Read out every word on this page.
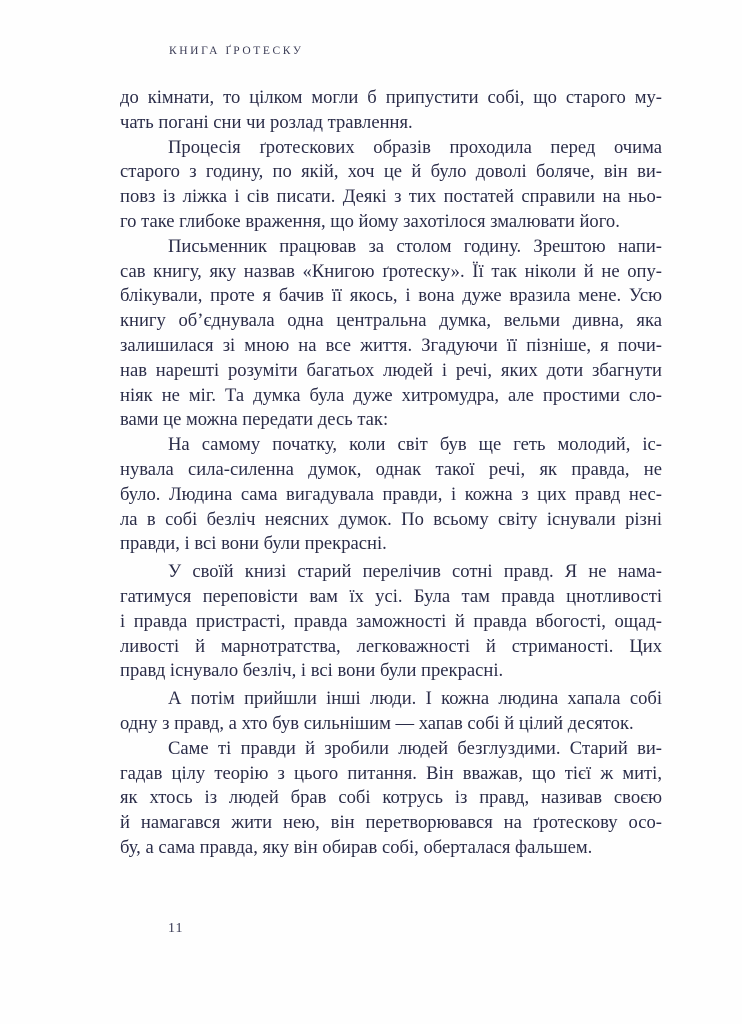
КНИГА ҐРОТЕСКУ
до кімнати, то цілком могли б припустити собі, що старого му-
чать погані сни чи розлад травлення.
Процесія ґротескових образів проходила перед очима
старого з годину, по якій, хоч це й було доволі боляче, він ви-
повз із ліжка і сів писати. Деякі з тих постатей справили на ньо-
го таке глибоке враження, що йому захотілося змалювати його.
Письменник працював за столом годину. Зрештою напи-
сав книгу, яку назвав «Книгою ґротеску». Її так ніколи й не опу-
блікували, проте я бачив її якось, і вона дуже вразила мене. Усю
книгу об’єднувала одна центральна думка, вельми дивна, яка
залишилася зі мною на все життя. Згадуючи її пізніше, я почи-
нав нарешті розуміти багатьох людей і речі, яких доти збагнути
ніяк не міг. Та думка була дуже хитромудра, але простими сло-
вами це можна передати десь так:
На самому початку, коли світ був ще геть молодий, іс-
нувала сила-силенна думок, однак такої речі, як правда, не
було. Людина сама вигадувала правди, і кожна з цих правд нес-
ла в собі безліч неясних думок. По всьому світу існували різні
правди, і всі вони були прекрасні.
У своїй книзі старий перелічив сотні правд. Я не нама-
гатимуся переповісти вам їх усі. Була там правда цнотливості
і правда пристрасті, правда заможності й правда вбогості, ощад-
ливості й марнотратства, легковажності й стриманості. Цих
правд існувало безліч, і всі вони були прекрасні.
А потім прийшли інші люди. І кожна людина хапала собі
одну з правд, а хто був сильнішим — хапав собі й цілий десяток.
Саме ті правди й зробили людей безглуздими. Старий ви-
гадав цілу теорію з цього питання. Він вважав, що тієї ж миті,
як хтось із людей брав собі котрусь із правд, називав своєю
й намагався жити нею, він перетворювався на ґротескову осо-
бу, а сама правда, яку він обирав собі, оберталася фальшем.
11
